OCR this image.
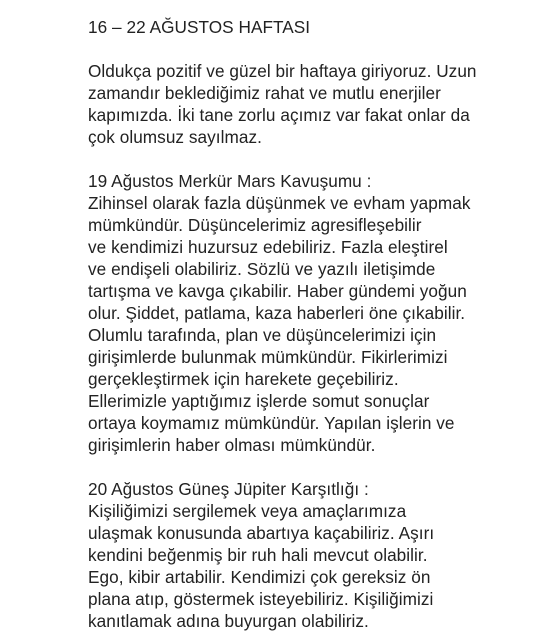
16 – 22 AĞUSTOS HAFTASI
Oldukça pozitif ve güzel bir haftaya giriyoruz. Uzun
zamandır beklediğimiz rahat ve mutlu enerjiler
kapımızda. İki tane zorlu açımız var fakat onlar da
çok olumsuz sayılmaz.
19 Ağustos Merkür Mars Kavuşumu :
Zihinsel olarak fazla düşünmek ve evham yapmak
mümkündür. Düşüncelerimiz agresifleşebilir
ve kendimizi huzursuz edebiliriz. Fazla eleştirel
ve endişeli olabiliriz. Sözlü ve yazılı iletişimde
tartışma ve kavga çıkabilir. Haber gündemi yoğun
olur. Şiddet, patlama, kaza haberleri öne çıkabilir.
Olumlu tarafında, plan ve düşüncelerimizi için
girişimlerde bulunmak mümkündür. Fikirlerimizi
gerçekleştirmek için harekete geçebiliriz.
Ellerimizle yaptığımız işlerde somut sonuçlar
ortaya koymamız mümkündür. Yapılan işlerin ve
girişimlerin haber olması mümkündür.
20 Ağustos Güneş Jüpiter Karşıtlığı :
Kişiliğimizi sergilemek veya amaçlarımıza
ulaşmak konusunda abartıya kaçabiliriz. Aşırı
kendini beğenmiş bir ruh hali mevcut olabilir.
Ego, kibir artabilir. Kendimizi çok gereksiz ön
plana atıp, göstermek isteyebiliriz. Kişiliğimizi
kanıtlamak adına buyurgan olabiliriz.
